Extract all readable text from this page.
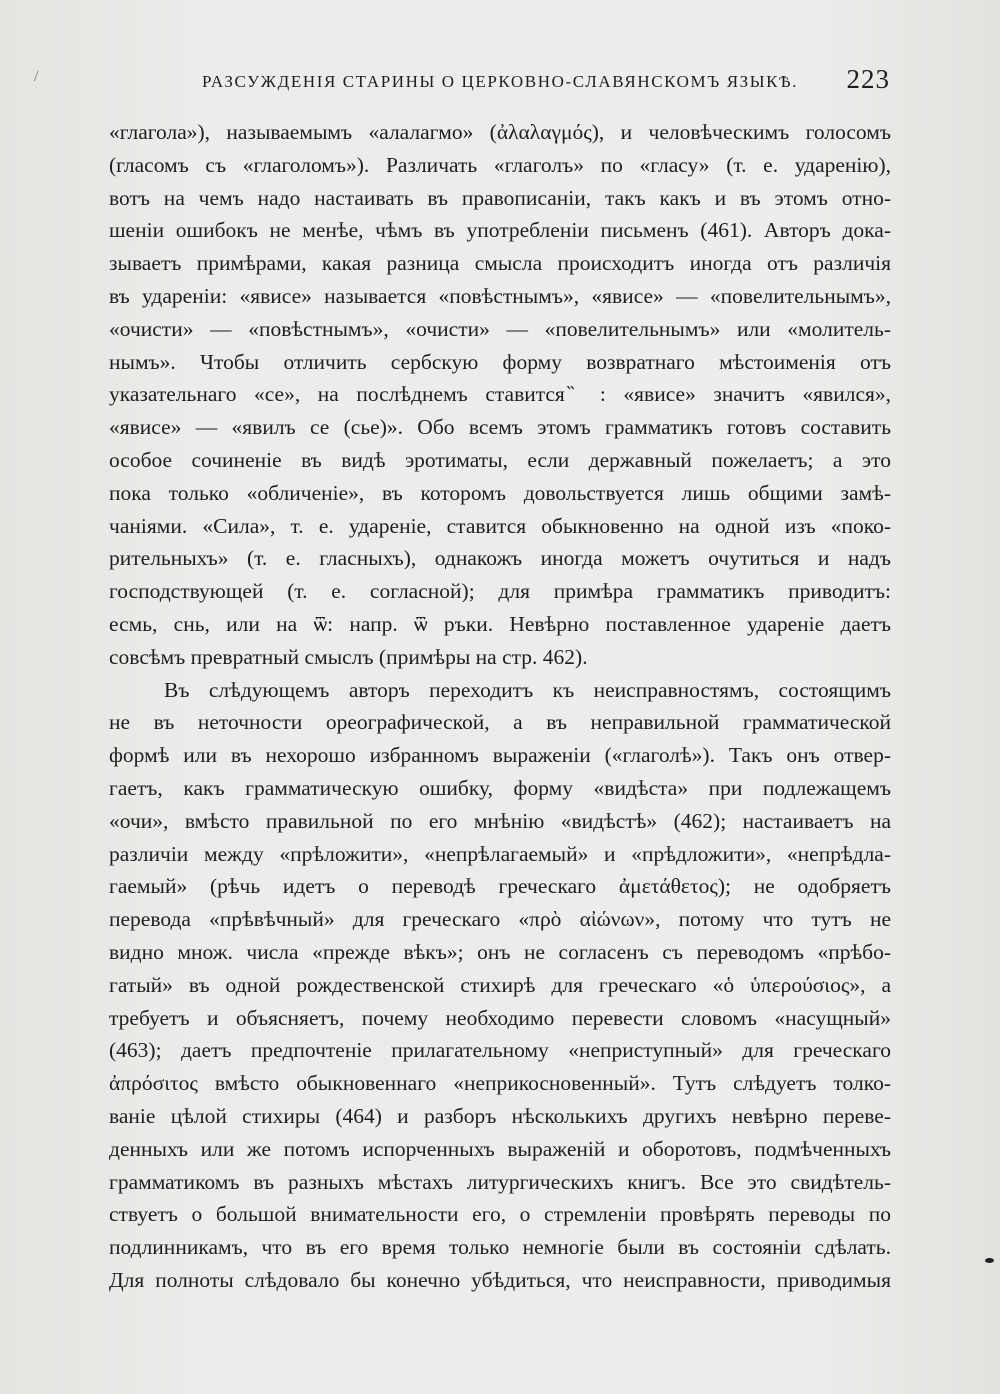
/	РАЗСУЖДЕНІЯ СТАРИНЫ О ЦЕРКОВНО-СЛАВЯНСКОМЪ ЯЗЫКѢ.	223
«глагола»), называемымъ «алалагмо» (ἀλαλαγμός), и человѣческимъ голосомъ
(гласомъ съ «глаголомъ»). Различать «глаголъ» по «гласу» (т. е. ударенію),
вотъ на чемъ надо настаивать въ правописаніи, такъ какъ и въ этомъ отно-
шеніи ошибокъ не менѣе, чѣмъ въ употребленіи письменъ (461). Авторъ дока-
зываетъ примѣрами, какая разница смысла происходитъ иногда отъ различія
въ удареніи: «явисе» называется «повѣстнымъ», «явисе» — «повелительнымъ»,
«очисти» — «повѣстнымъ», «очисти» — «повелительнымъ» или «молитель-
нымъ». Чтобы отличить сербскую форму возвратнаго мѣстоименія отъ
указательнаго «се», на послѣднемъ ставится ̏ : «явисе» значитъ «явился»,
«явисе» — «явилъ се (сье)». Обо всемъ этомъ грамматикъ готовъ составить
особое сочиненіе въ видѣ эротиматы, если державный пожелаетъ; а это
пока только «обличеніе», въ которомъ довольствуется лишь общими замѣ-
чаніями. «Сила», т. е. удареніе, ставится обыкновенно на одной изъ «поко-
рительныхъ» (т. е. гласныхъ), однакожъ иногда можетъ очутиться и надъ
господствующей (т. е. согласной); для примѣра грамматикъ приводитъ:
есмь, снь, или на ѿ: напр. ѿ ръки. Невѣрно поставленное удареніе даетъ
совсѣмъ превратный смыслъ (примѣры на стр. 462).
Въ слѣдующемъ авторъ переходитъ къ неисправностямъ, состоящимъ
не въ неточности ореографической, а въ неправильной грамматической
формѣ или въ нехорошо избранномъ выраженіи («глаголѣ»). Такъ онъ отвер-
гаетъ, какъ грамматическую ошибку, форму «видѣста» при подлежащемъ
«очи», вмѣсто правильной по его мнѣнію «видѣстѣ» (462); настаиваетъ на
различіи между «прѣложити», «непрѣлагаемый» и «прѣдложити», «непрѣдла-
гаемый» (рѣчь идетъ о переводѣ греческаго ἀμετάθετος); не одобряетъ
перевода «прѣвѣчный» для греческаго «πρὸ αἰώνων», потому что тутъ не
видно множ. числа «прежде вѣкъ»; онъ не согласенъ съ переводомъ «прѣбо-
гатый» въ одной рождественской стихирѣ для греческаго «ὁ ὑπερούσιος», а
требуетъ и объясняетъ, почему необходимо перевести словомъ «насущный»
(463); даетъ предпочтеніе прилагательному «неприступный» для греческаго
ἀπρόσιτος вмѣсто обыкновеннаго «неприкосновенный». Тутъ слѣдуетъ толко-
ваніе цѣлой стихиры (464) и разборъ нѣсколькихъ другихъ невѣрно переве-
денныхъ или же потомъ испорченныхъ выраженій и оборотовъ, подмѣченныхъ
грамматикомъ въ разныхъ мѣстахъ литургическихъ книгъ. Все это свидѣтель-
ствуетъ о большой внимательности его, о стремленіи провѣрять переводы по
подлинникамъ, что въ его время только немногіе были въ состояніи сдѣлать.
Для полноты слѣдовало бы конечно убѣдиться, что неисправности, приводимыя
